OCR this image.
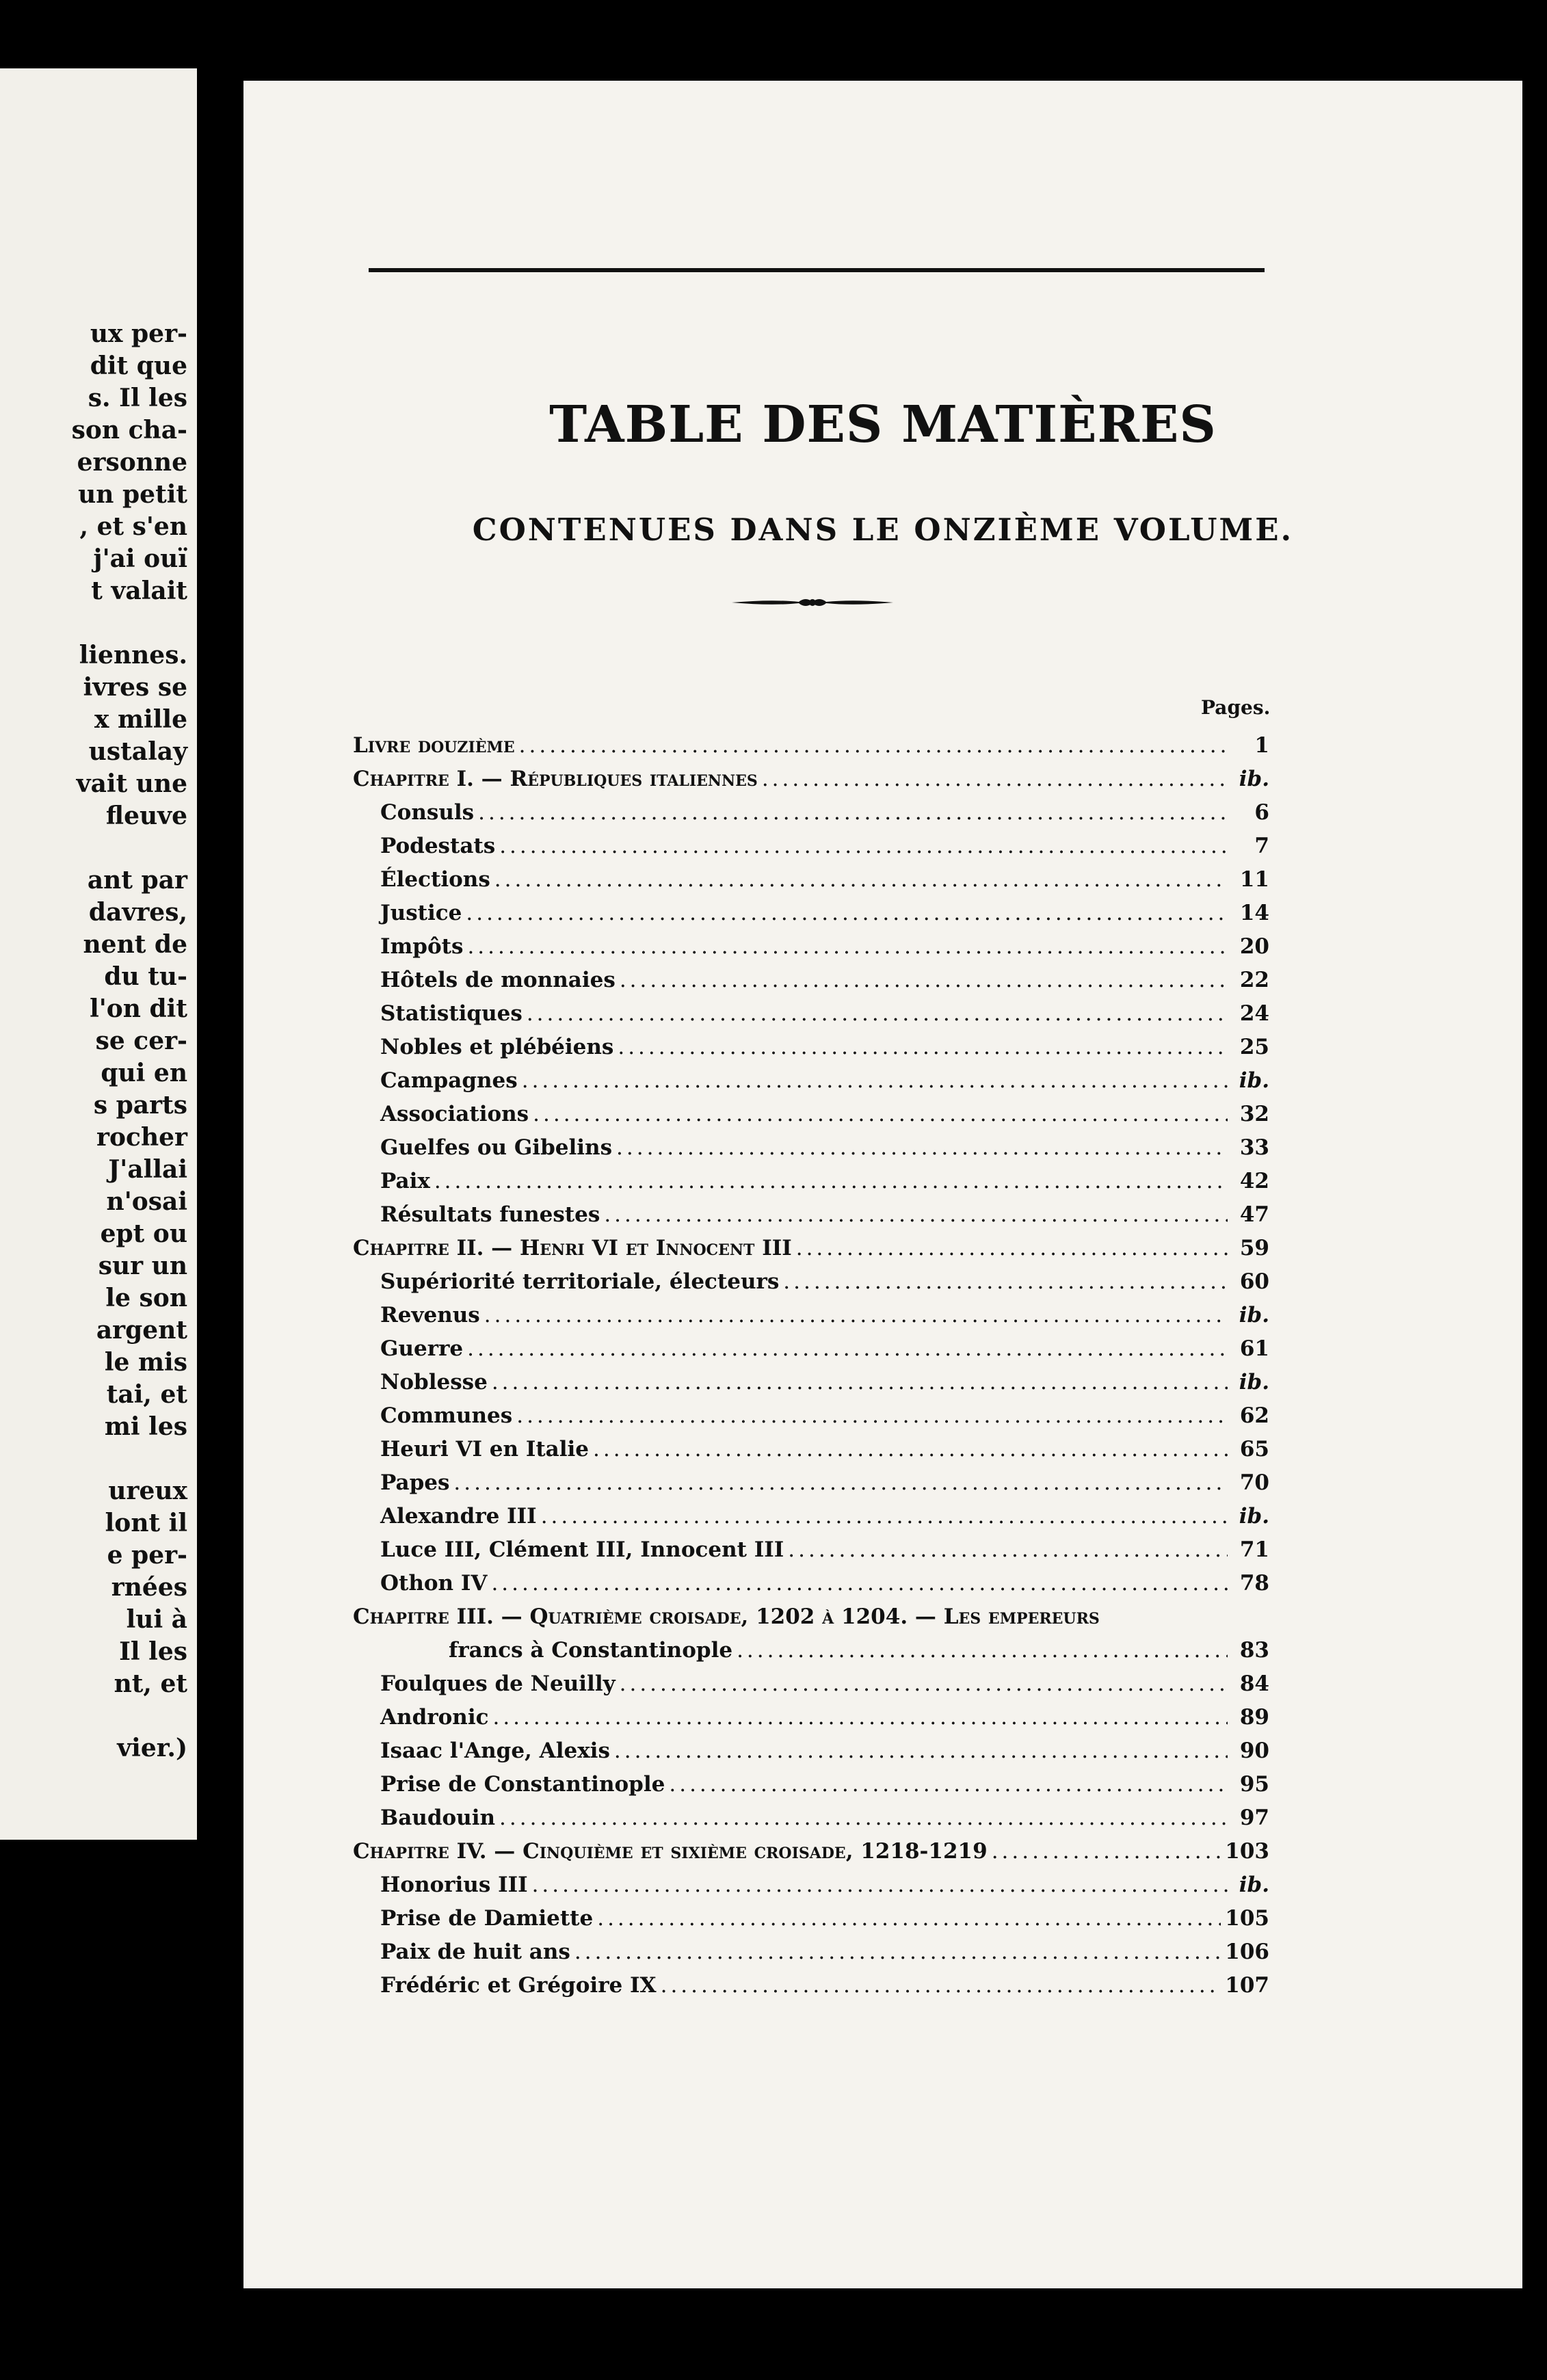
ux per-
dit que
s. Il les
son cha-
ersonne
un petit
, et s'en
j'ai ouï
t valait
liennes.
ivres se
x mille
ustalay
vait une
fleuve
ant par
davres,
nent de
du tu-
l'on dit
se cer-
qui en
s parts
rocher
J'allai
n'osai
ept ou
sur un
le son
argent
le mis
tai, et
mi les
ureux
lont il
e per-
rnées
lui à
Il les
nt, et
vier.)
TABLE DES MATIÈRES
CONTENUES DANS LE ONZIÈME VOLUME.
Pages.
Livre douzième .....	1
Chapitre I. — Républiques italiennes .....	ib.
Consuls .....	6
Podestats .....	7
Élections .....	11
Justice .....	14
Impôts .....	20
Hôtels de monnaies .....	22
Statistiques .....	24
Nobles et plébéiens .....	25
Campagnes .....	ib.
Associations .....	32
Guelfes ou Gibelins .....	33
Paix .....	42
Résultats funestes .....	47
Chapitre II. — Henri VI et Innocent III .....	59
Supériorité territoriale, électeurs .....	60
Revenus .....	ib.
Guerre .....	61
Noblesse .....	ib.
Communes .....	62
Heuri VI en Italie .....	65
Papes .....	70
Alexandre III .....	ib.
Luce III, Clément III, Innocent III .....	71
Othon IV .....	78
Chapitre III. — Quatrième croisade, 1202 à 1204. — Les empereurs
francs à Constantinople .....	83
Foulques de Neuilly .....	84
Andronic .....	89
Isaac l'Ange, Alexis .....	90
Prise de Constantinople .....	95
Baudouin .....	97
Chapitre IV. — Cinquième et sixième croisade, 1218-1219 .....	103
Honorius III .....	ib.
Prise de Damiette .....	105
Paix de huit ans .....	106
Frédéric et Grégoire IX .....	107
